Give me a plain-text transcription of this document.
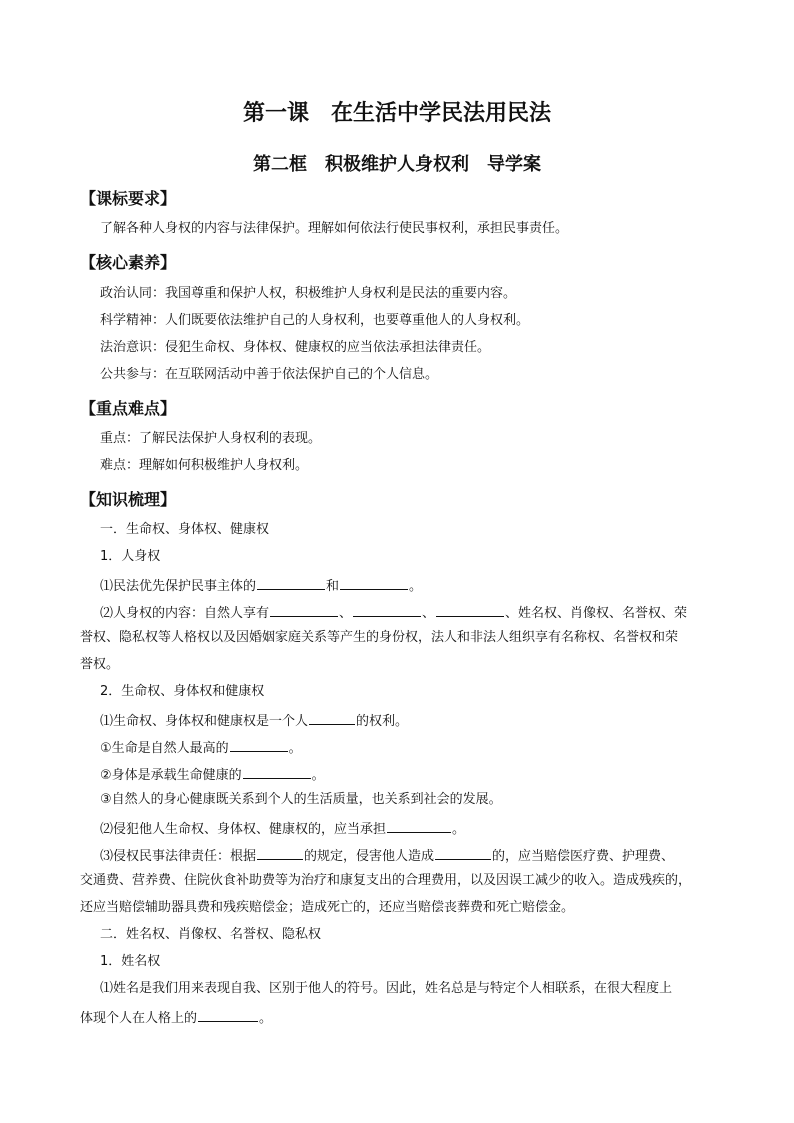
第一课　在生活中学民法用民法
第二框　积极维护人身权利　导学案
【课标要求】
了解各种人身权的内容与法律保护。理解如何依法行使民事权利，承担民事责任。
【核心素养】
政治认同：我国尊重和保护人权，积极维护人身权利是民法的重要内容。
科学精神：人们既要依法维护自己的人身权利，也要尊重他人的人身权利。
法治意识：侵犯生命权、身体权、健康权的应当依法承担法律责任。
公共参与：在互联网活动中善于依法保护自己的个人信息。
【重点难点】
重点：了解民法保护人身权利的表现。
难点：理解如何积极维护人身权利。
【知识梳理】
一．生命权、身体权、健康权
1．人身权
⑴民法优先保护民事主体的	和	。
⑵人身权的内容：自然人享有	、	、	、姓名权、肖像权、名誉权、荣
誉权、隐私权等人格权以及因婚姻家庭关系等产生的身份权，法人和非法人组织享有名称权、名誉权和荣
誉权。
2．生命权、身体权和健康权
⑴生命权、身体权和健康权是一个人	的权利。
①生命是自然人最高的	。
②身体是承载生命健康的	。
③自然人的身心健康既关系到个人的生活质量，也关系到社会的发展。
⑵侵犯他人生命权、身体权、健康权的，应当承担	。
⑶侵权民事法律责任：根据	的规定，侵害他人造成	的，应当赔偿医疗费、护理费、
交通费、营养费、住院伙食补助费等为治疗和康复支出的合理费用，以及因误工减少的收入。造成残疾的，
还应当赔偿辅助器具费和残疾赔偿金；造成死亡的，还应当赔偿丧葬费和死亡赔偿金。
二．姓名权、肖像权、名誉权、隐私权
1．姓名权
⑴姓名是我们用来表现自我、区别于他人的符号。因此，姓名总是与特定个人相联系，在很大程度上
体现个人在人格上的	。
